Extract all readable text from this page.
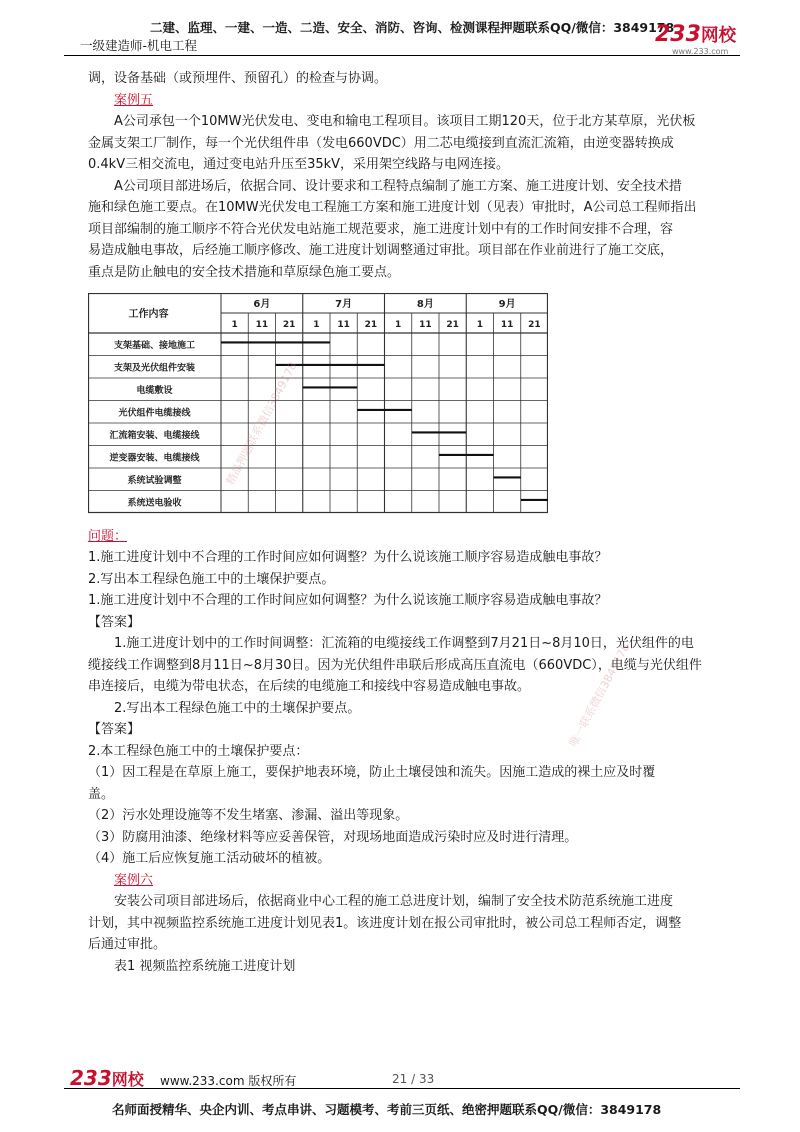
二建、监理、一建、一造、二造、安全、消防、咨询、检测课程押题联系QQ/微信：3849178
一级建造师-机电工程	233网校
www.233.com

调，设备基础（或预埋件、预留孔）的检查与协调。

案例五

A公司承包一个10MW光伏发电、变电和输电工程项目。该项目工期120天，位于北方某草原，光伏板

金属支架工厂制作，每一个光伏组件串（发电660VDC）用二芯电缆接到直流汇流箱，由逆变器转换成

0.4kV三相交流电，通过变电站升压至35kV，采用架空线路与电网连接。

A公司项目部进场后，依据合同、设计要求和工程特点编制了施工方案、施工进度计划、安全技术措

施和绿色施工要点。在10MW光伏发电工程施工方案和施工进度计划（见表）审批时，A公司总工程师指出

项目部编制的施工顺序不符合光伏发电站施工规范要求，施工进度计划中有的工作时间安排不合理，容

易造成触电事故，后经施工顺序修改、施工进度计划调整通过审批。项目部在作业前进行了施工交底，

重点是防止触电的安全技术措施和草原绿色施工要点。

工作内容
6月	7月	8月	9月
1 11 21 1 11 21 1 11 21 1 11 21
支架基础、接地施工
支架及光伏组件安装
电缆敷设
光伏组件电缆接线
汇流箱安装、电缆接线
逆变器安装、电缆接线
系统试验调整
系统送电验收

问题：

1.施工进度计划中不合理的工作时间应如何调整？为什么说该施工顺序容易造成触电事故？

2.写出本工程绿色施工中的土壤保护要点。

1.施工进度计划中不合理的工作时间应如何调整？为什么说该施工顺序容易造成触电事故？

【答案】

1.施工进度计划中的工作时间调整：汇流箱的电缆接线工作调整到7月21日~8月10日，光伏组件的电

缆接线工作调整到8月11日~8月30日。因为光伏组件串联后形成高压直流电（660VDC），电缆与光伏组件

串连接后，电缆为带电状态，在后续的电缆施工和接线中容易造成触电事故。

2.写出本工程绿色施工中的土壤保护要点。

【答案】

2.本工程绿色施工中的土壤保护要点：

（1）因工程是在草原上施工，要保护地表环境，防止土壤侵蚀和流失。因施工造成的裸土应及时覆

盖。

（2）污水处理设施等不发生堵塞、渗漏、溢出等现象。

（3）防腐用油漆、绝缘材料等应妥善保管，对现场地面造成污染时应及时进行清理。

（4）施工后应恢复施工活动破坏的植被。

案例六

安装公司项目部进场后，依据商业中心工程的施工总进度计划，编制了安全技术防范系统施工进度

计划，其中视频监控系统施工进度计划见表1。该进度计划在报公司审批时，被公司总工程师否定，调整

后通过审批。

表1 视频监控系统施工进度计划

精品押题联系微信3849178
唯一联系微信3849178
233网校 www.233.com 版权所有	21 / 33
名师面授精华、央企内训、考点串讲、习题模考、考前三页纸、绝密押题联系QQ/微信：3849178
